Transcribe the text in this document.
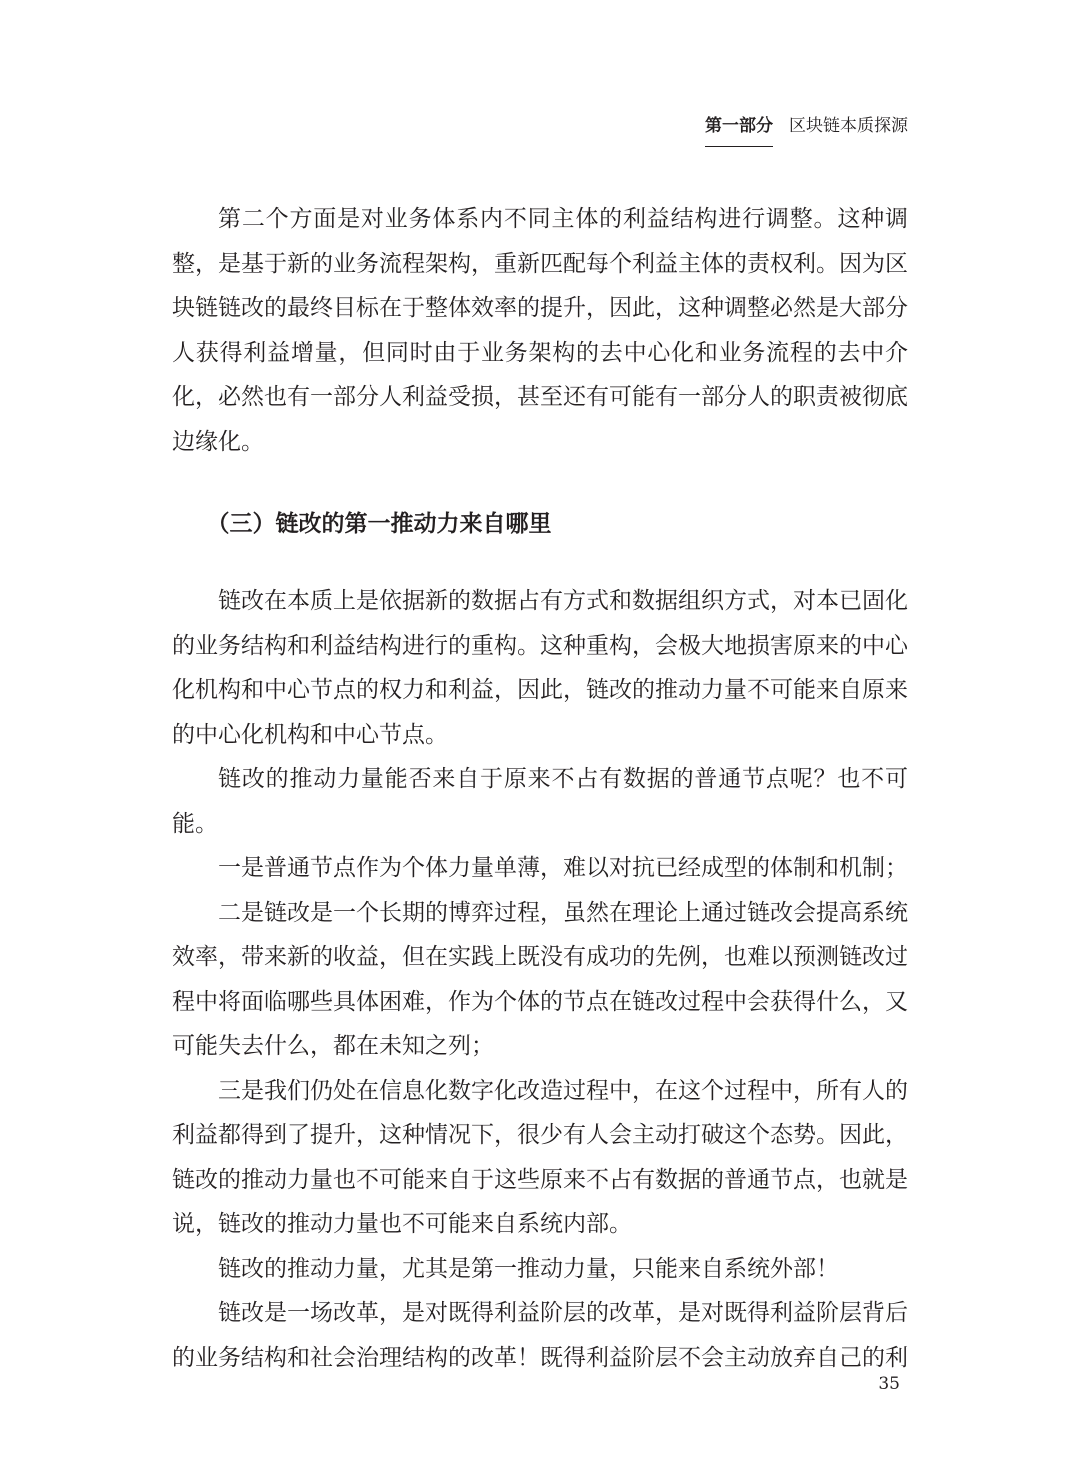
第一部分 区块链本质探源

第二个方面是对业务体系内不同主体的利益结构进行调整。这种调整，是基于新的业务流程架构，重新匹配每个利益主体的责权利。因为区块链链改的最终目标在于整体效率的提升，因此，这种调整必然是大部分人获得利益增量，但同时由于业务架构的去中心化和业务流程的去中介化，必然也有一部分人利益受损，甚至还有可能有一部分人的职责被彻底边缘化。

（三）链改的第一推动力来自哪里

链改在本质上是依据新的数据占有方式和数据组织方式，对本已固化的业务结构和利益结构进行的重构。这种重构，会极大地损害原来的中心化机构和中心节点的权力和利益，因此，链改的推动力量不可能来自原来的中心化机构和中心节点。

链改的推动力量能否来自于原来不占有数据的普通节点呢？也不可能。

一是普通节点作为个体力量单薄，难以对抗已经成型的体制和机制；

二是链改是一个长期的博弈过程，虽然在理论上通过链改会提高系统效率，带来新的收益，但在实践上既没有成功的先例，也难以预测链改过程中将面临哪些具体困难，作为个体的节点在链改过程中会获得什么，又可能失去什么，都在未知之列；

三是我们仍处在信息化数字化改造过程中，在这个过程中，所有人的利益都得到了提升，这种情况下，很少有人会主动打破这个态势。因此，链改的推动力量也不可能来自于这些原来不占有数据的普通节点，也就是说，链改的推动力量也不可能来自系统内部。

链改的推动力量，尤其是第一推动力量，只能来自系统外部！

链改是一场改革，是对既得利益阶层的改革，是对既得利益阶层背后的业务结构和社会治理结构的改革！既得利益阶层不会主动放弃自己的利

35
